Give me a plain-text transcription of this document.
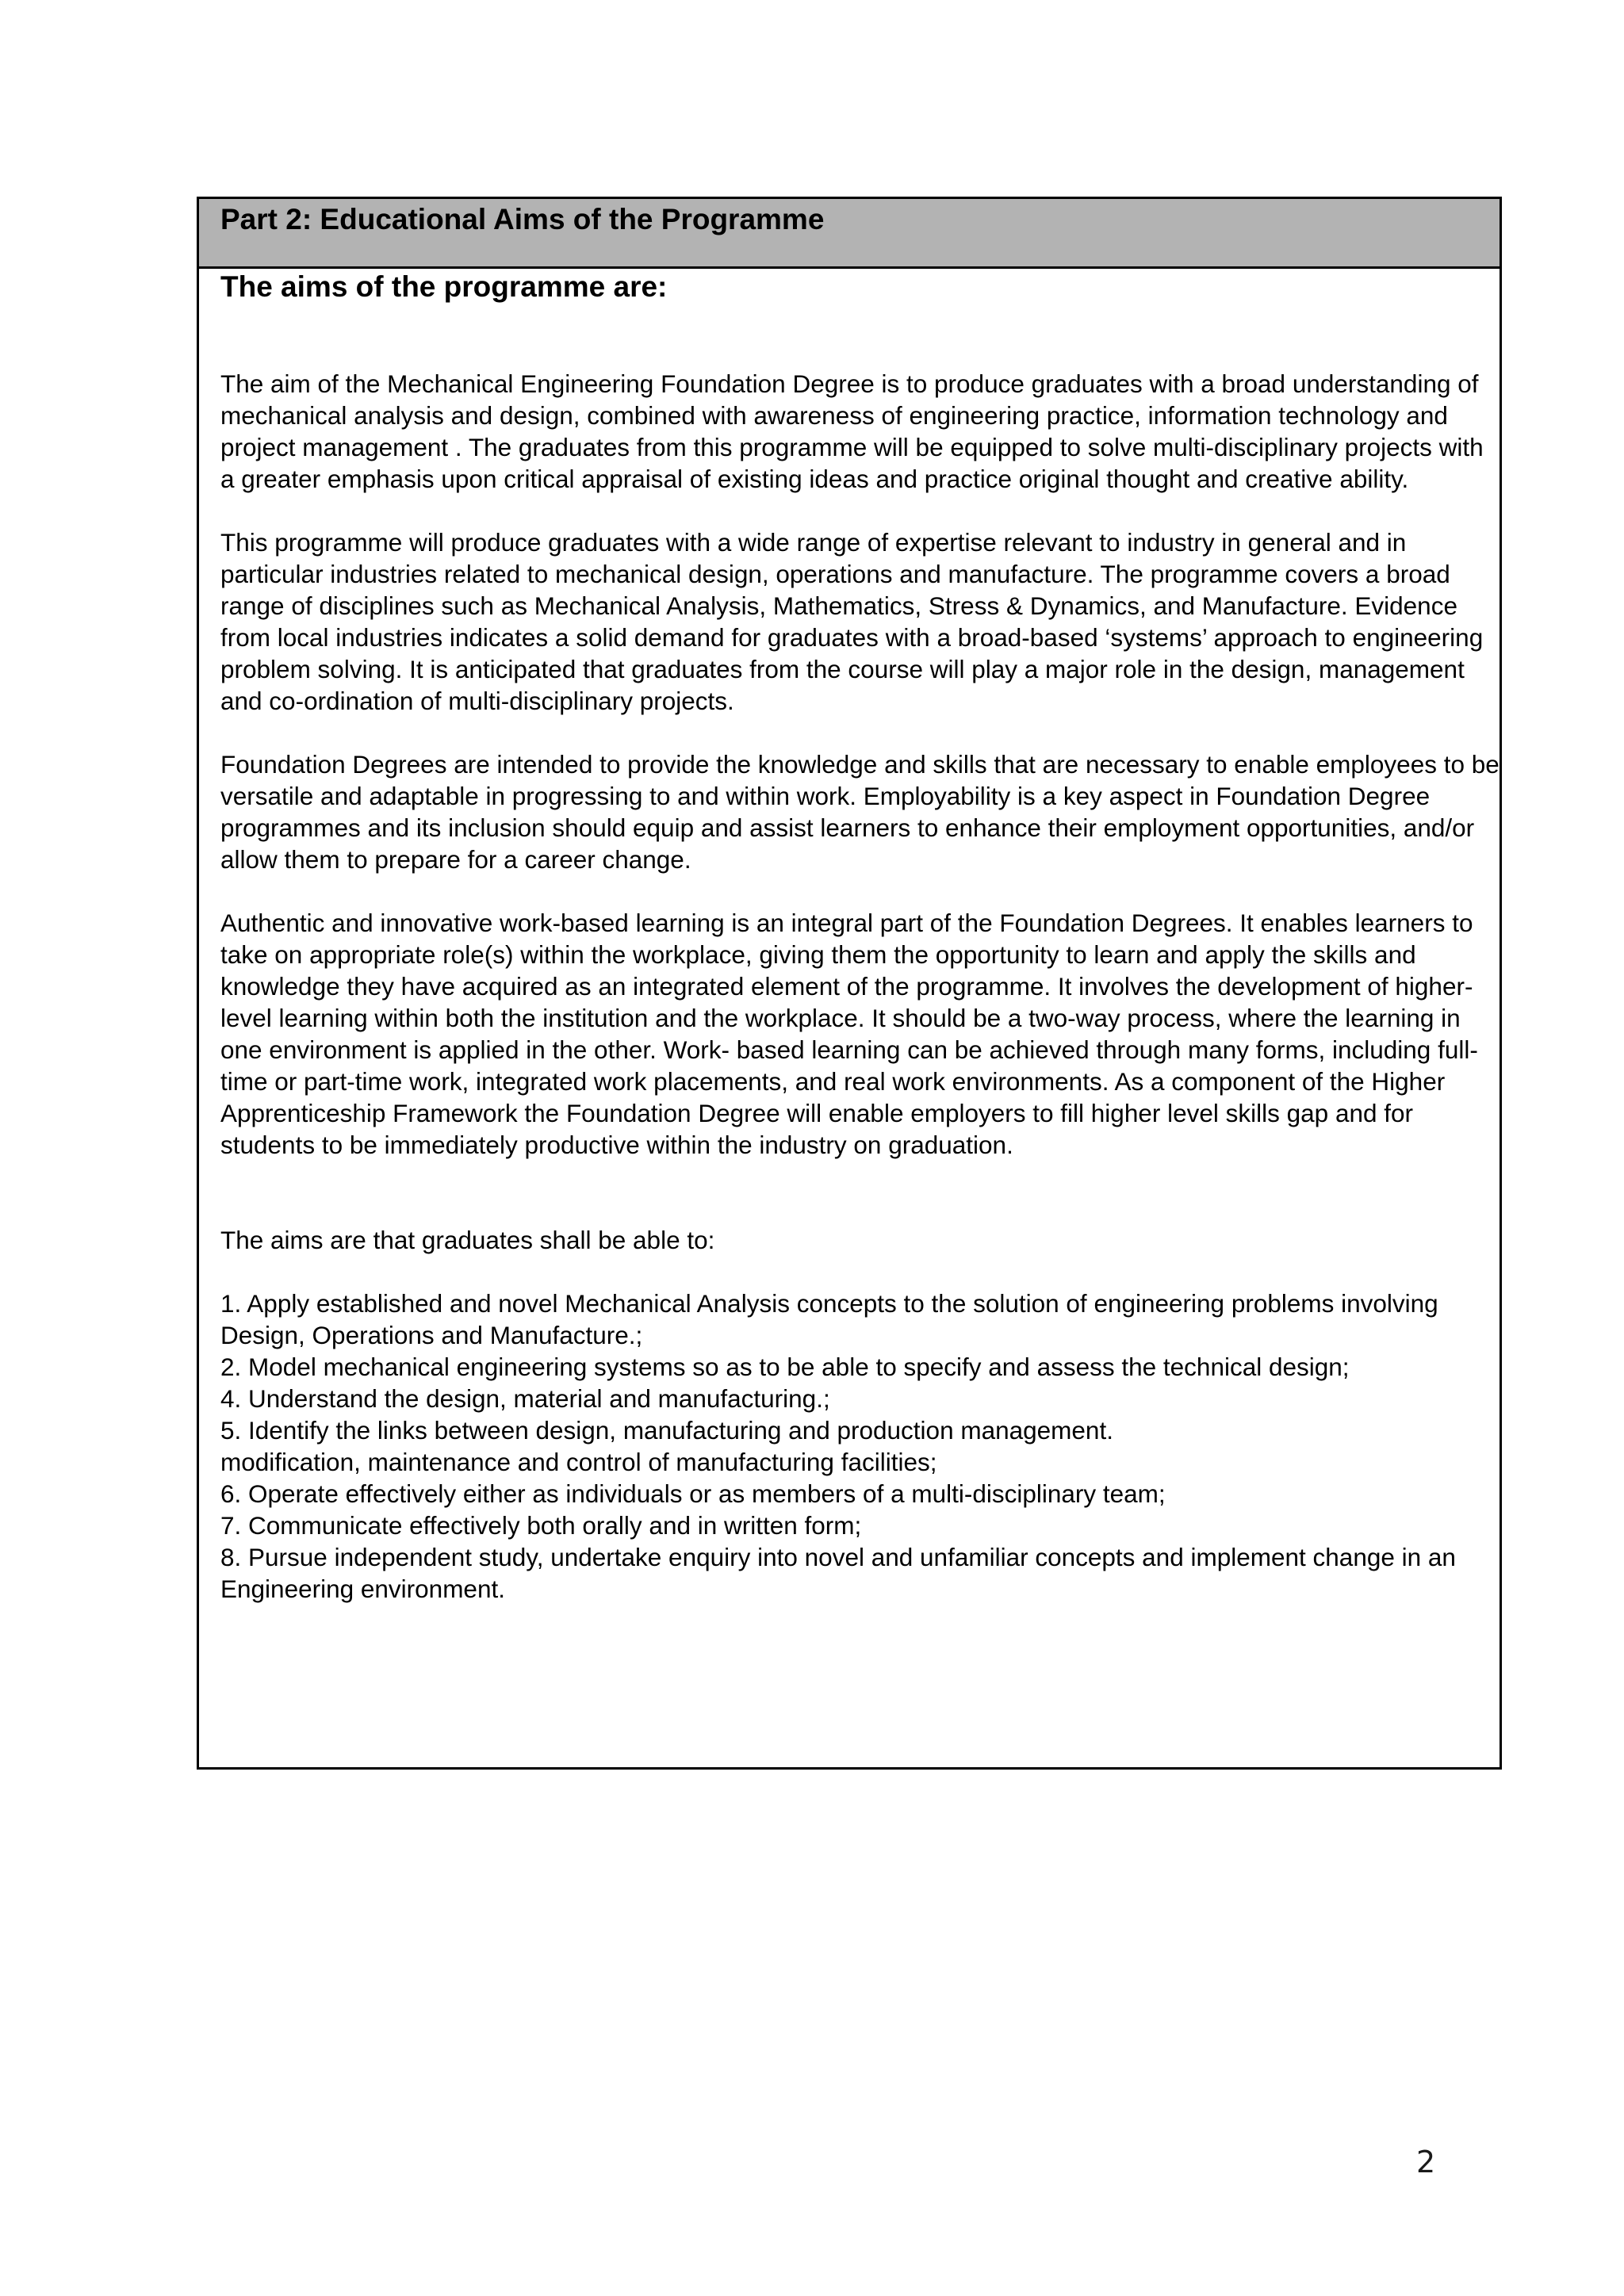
Part 2: Educational Aims of the Programme
The aims of the programme are:

The aim of the Mechanical Engineering Foundation Degree is to produce graduates with a broad understanding of mechanical analysis and design, combined with awareness of engineering practice, information technology and project management . The graduates from this programme will be equipped to solve multi-disciplinary projects with a greater emphasis upon critical appraisal of existing ideas and practice original thought and creative ability.

This programme will produce graduates with a wide range of expertise relevant to industry in general and in particular industries related to mechanical design, operations and manufacture. The programme covers a broad range of disciplines such as Mechanical Analysis, Mathematics, Stress & Dynamics, and Manufacture. Evidence from local industries indicates a solid demand for graduates with a broad-based ‘systems’ approach to engineering problem solving. It is anticipated that graduates from the course will play a major role in the design, management and co-ordination of multi-disciplinary projects.

Foundation Degrees are intended to provide the knowledge and skills that are necessary to enable employees to be versatile and adaptable in progressing to and within work. Employability is a key aspect in Foundation Degree programmes and its inclusion should equip and assist learners to enhance their employment opportunities, and/or allow them to prepare for a career change.

Authentic and innovative work-based learning is an integral part of the Foundation Degrees. It enables learners to take on appropriate role(s) within the workplace, giving them the opportunity to learn and apply the skills and knowledge they have acquired as an integrated element of the programme. It involves the development of higher-level learning within both the institution and the workplace. It should be a two-way process, where the learning in one environment is applied in the other. Work- based learning can be achieved through many forms, including full-time or part-time work, integrated work placements, and real work environments. As a component of the Higher Apprenticeship Framework the Foundation Degree will enable employers to fill higher level skills gap and for students to be immediately productive within the industry on graduation.

The aims are that graduates shall be able to:

1. Apply established and novel Mechanical Analysis concepts to the solution of engineering problems involving Design, Operations and Manufacture.;
2. Model mechanical engineering systems so as to be able to specify and assess the technical design;
4. Understand the design, material and manufacturing.;
5. Identify the links between design, manufacturing and production management.
modification, maintenance and control of manufacturing facilities;
6. Operate effectively either as individuals or as members of a multi-disciplinary team;
7. Communicate effectively both orally and in written form;
8. Pursue independent study, undertake enquiry into novel and unfamiliar concepts and implement change in an Engineering environment.
2
